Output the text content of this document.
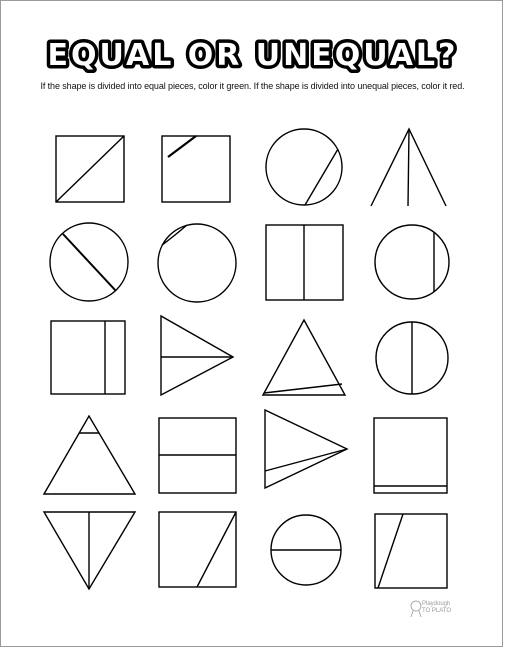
EQUAL OR UNEQUAL?
If the shape is divided into equal pieces, color it green. If the shape is divided into unequal pieces, color it red.
Playdough
TO PLATO
